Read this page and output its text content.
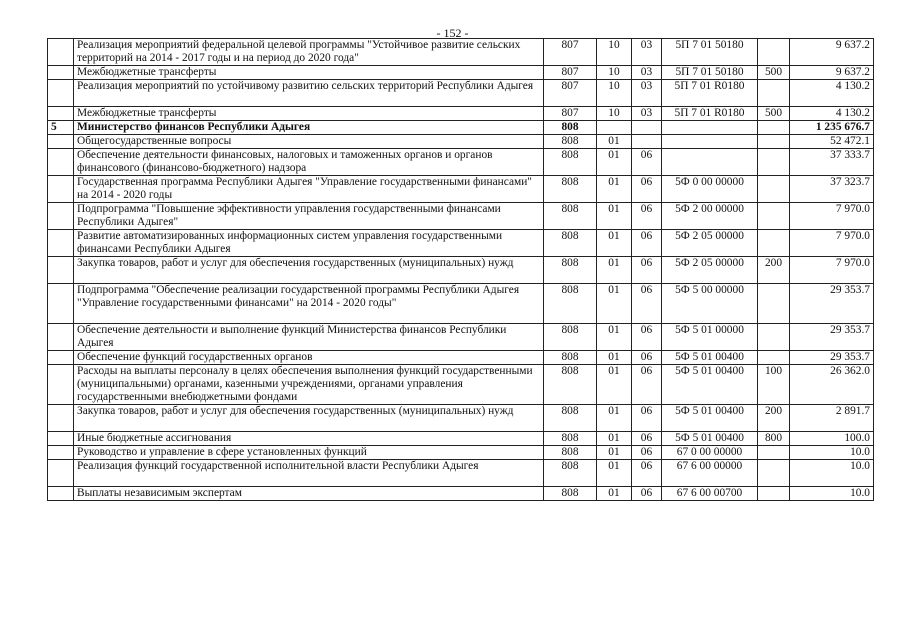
- 152 -
	Реализация мероприятий федеральной целевой программы "Устойчивое развитие сельских территорий на 2014 - 2017 годы и на период до 2020 года"	807	10	03	5П 7 01 50180		9 637.2
	Межбюджетные трансферты	807	10	03	5П 7 01 50180	500	9 637.2
	Реализация мероприятий по устойчивому развитию сельских территорий Республики Адыгея	807	10	03	5П 7 01 R0180		4 130.2
	Межбюджетные трансферты	807	10	03	5П 7 01 R0180	500	4 130.2
5	Министерство финансов Республики Адыгея	808					1 235 676.7
	Общегосударственные вопросы	808	01				52 472.1
	Обеспечение деятельности финансовых, налоговых и таможенных органов и органов финансового (финансово-бюджетного) надзора	808	01	06			37 333.7
	Государственная программа Республики Адыгея "Управление государственными финансами" на 2014 - 2020 годы	808	01	06	5Ф 0 00 00000		37 323.7
	Подпрограмма "Повышение эффективности управления государственными финансами Республики Адыгея"	808	01	06	5Ф 2 00 00000		7 970.0
	Развитие автоматизированных информационных систем управления государственными финансами Республики Адыгея	808	01	06	5Ф 2 05 00000		7 970.0
	Закупка товаров, работ и услуг для обеспечения государственных (муниципальных) нужд	808	01	06	5Ф 2 05 00000	200	7 970.0
	Подпрограмма "Обеспечение реализации государственной программы Республики Адыгея "Управление государственными финансами" на 2014 - 2020 годы"	808	01	06	5Ф 5 00 00000		29 353.7
	Обеспечение деятельности и выполнение функций Министерства финансов Республики Адыгея	808	01	06	5Ф 5 01 00000		29 353.7
	Обеспечение функций государственных органов	808	01	06	5Ф 5 01 00400		29 353.7
	Расходы на выплаты персоналу в целях обеспечения выполнения функций государственными (муниципальными) органами, казенными учреждениями, органами управления государственными внебюджетными фондами	808	01	06	5Ф 5 01 00400	100	26 362.0
	Закупка товаров, работ и услуг для обеспечения государственных (муниципальных) нужд	808	01	06	5Ф 5 01 00400	200	2 891.7
	Иные бюджетные ассигнования	808	01	06	5Ф 5 01 00400	800	100.0
	Руководство и управление в сфере установленных функций	808	01	06	67 0 00 00000		10.0
	Реализация функций государственной исполнительной власти Республики Адыгея	808	01	06	67 6 00 00000		10.0
	Выплаты независимым экспертам	808	01	06	67 6 00 00700		10.0
